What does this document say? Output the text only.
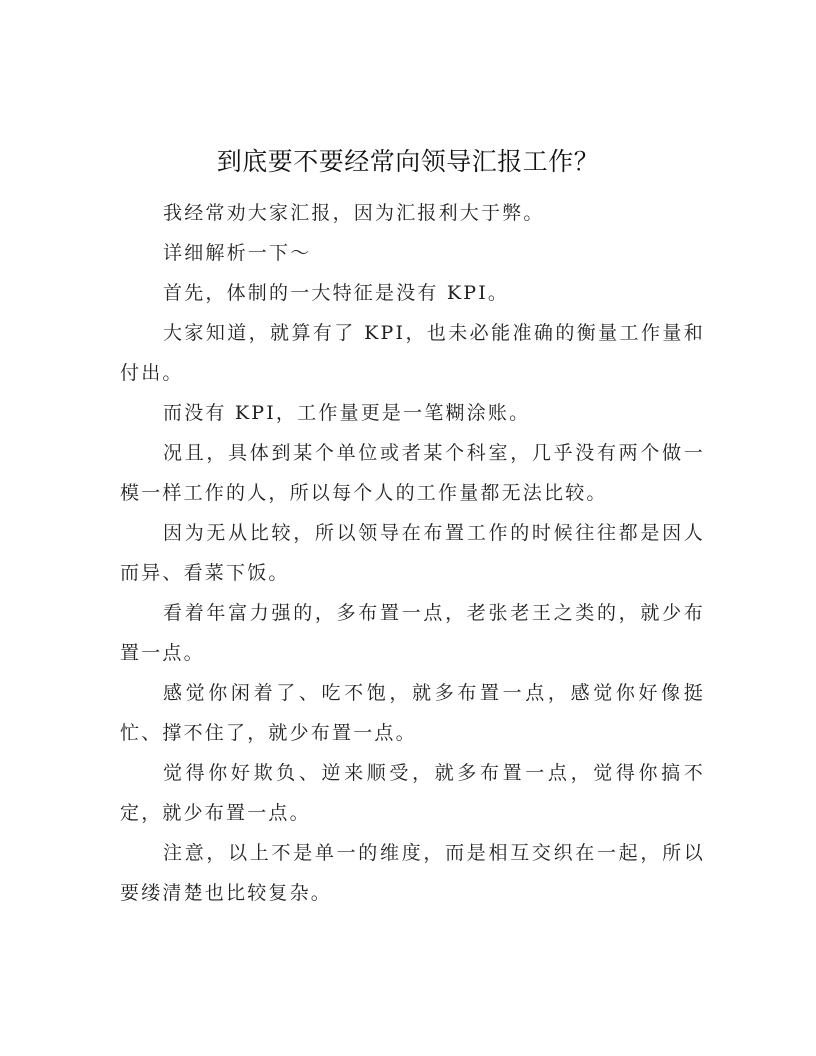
到底要不要经常向领导汇报工作？

我经常劝大家汇报，因为汇报利大于弊。

详细解析一下～

首先，体制的一大特征是没有 KPI。

大家知道，就算有了 KPI，也未必能准确的衡量工作量和付出。

而没有 KPI，工作量更是一笔糊涂账。

况且，具体到某个单位或者某个科室，几乎没有两个做一模一样工作的人，所以每个人的工作量都无法比较。

因为无从比较，所以领导在布置工作的时候往往都是因人而异、看菜下饭。

看着年富力强的，多布置一点，老张老王之类的，就少布置一点。

感觉你闲着了、吃不饱，就多布置一点，感觉你好像挺忙、撑不住了，就少布置一点。

觉得你好欺负、逆来顺受，就多布置一点，觉得你搞不定，就少布置一点。

注意，以上不是单一的维度，而是相互交织在一起，所以要缕清楚也比较复杂。
